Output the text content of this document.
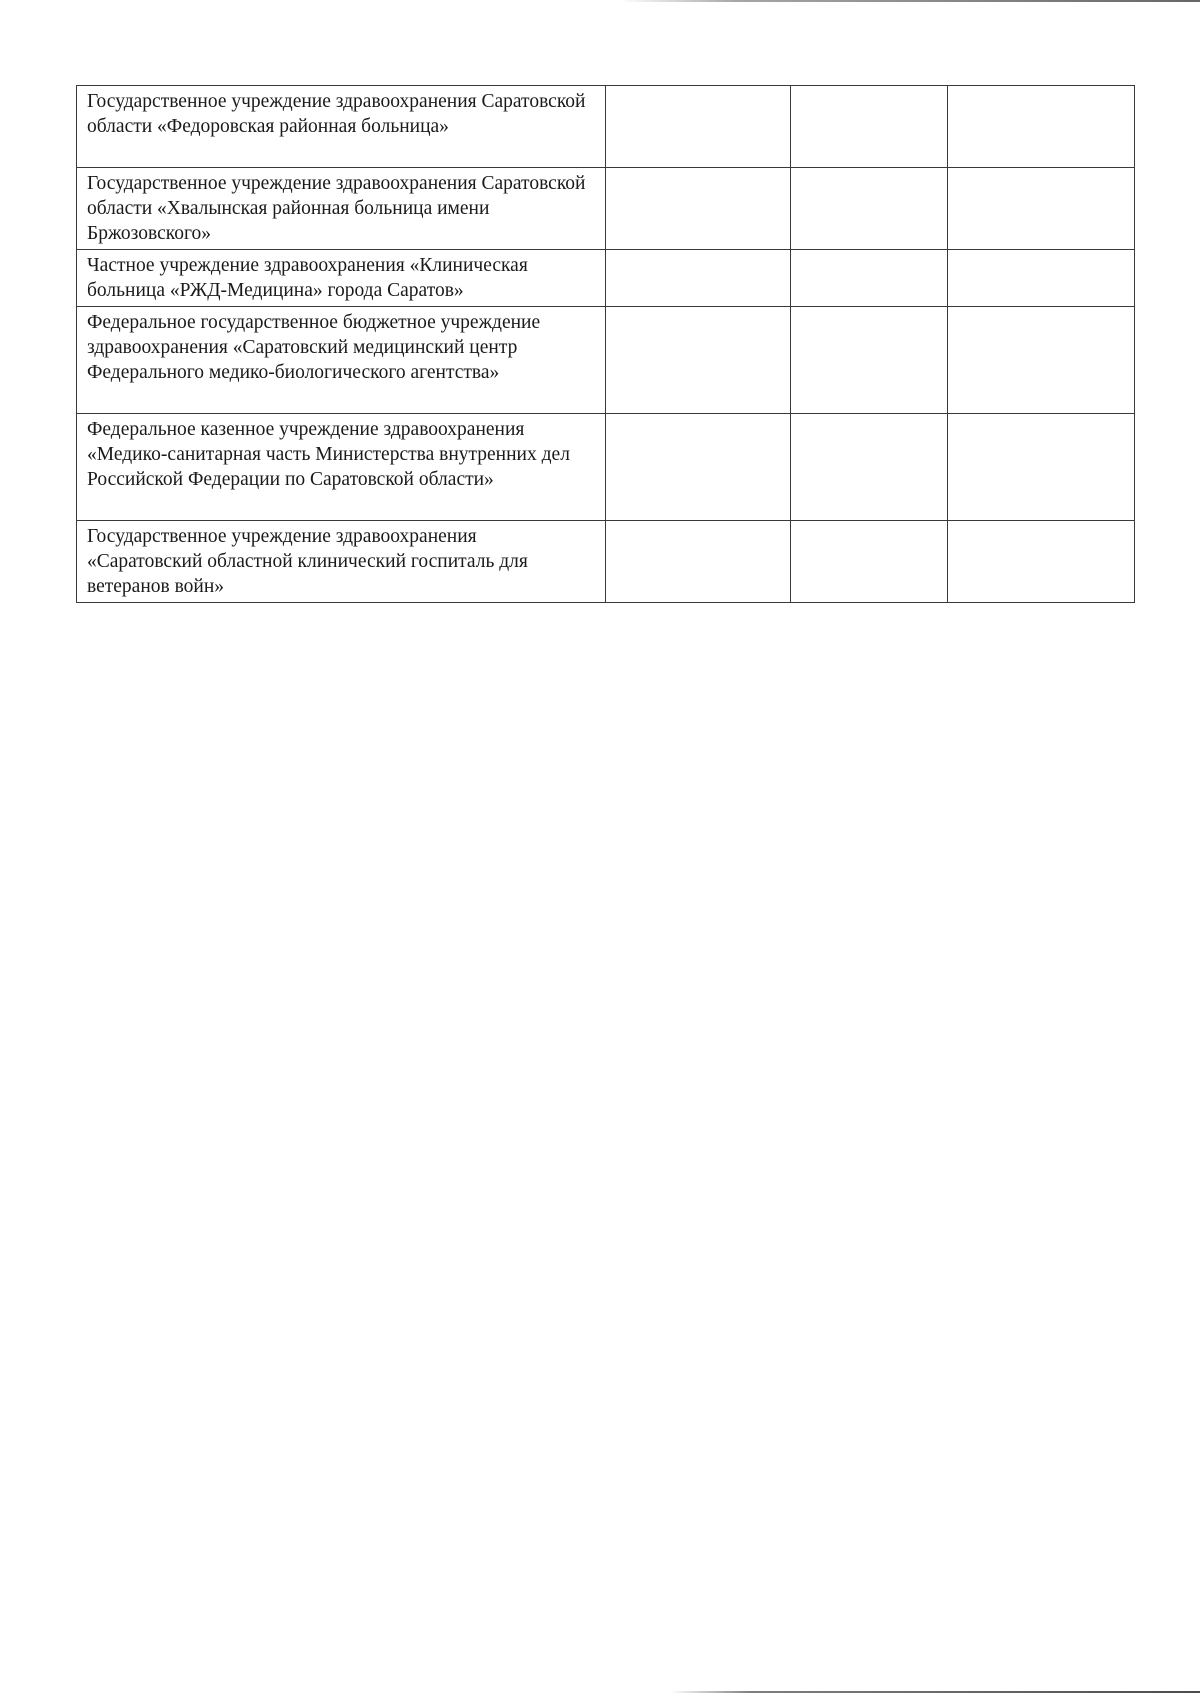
Государственное учреждение здравоохранения Саратовской области «Федоровская районная больница»			
Государственное учреждение здравоохранения Саратовской области «Хвалынская районная больница имени Бржозовского»			
Частное учреждение здравоохранения «Клиническая больница «РЖД-Медицина» города Саратов»			
Федеральное государственное бюджетное учреждение здравоохранения «Саратовский медицинский центр Федерального медико-биологического агентства»			
Федеральное казенное учреждение здравоохранения «Медико-санитарная часть Министерства внутренних дел Российской Федерации по Саратовской области»			
Государственное учреждение здравоохранения «Саратовский областной клинический госпиталь для ветеранов войн»			
